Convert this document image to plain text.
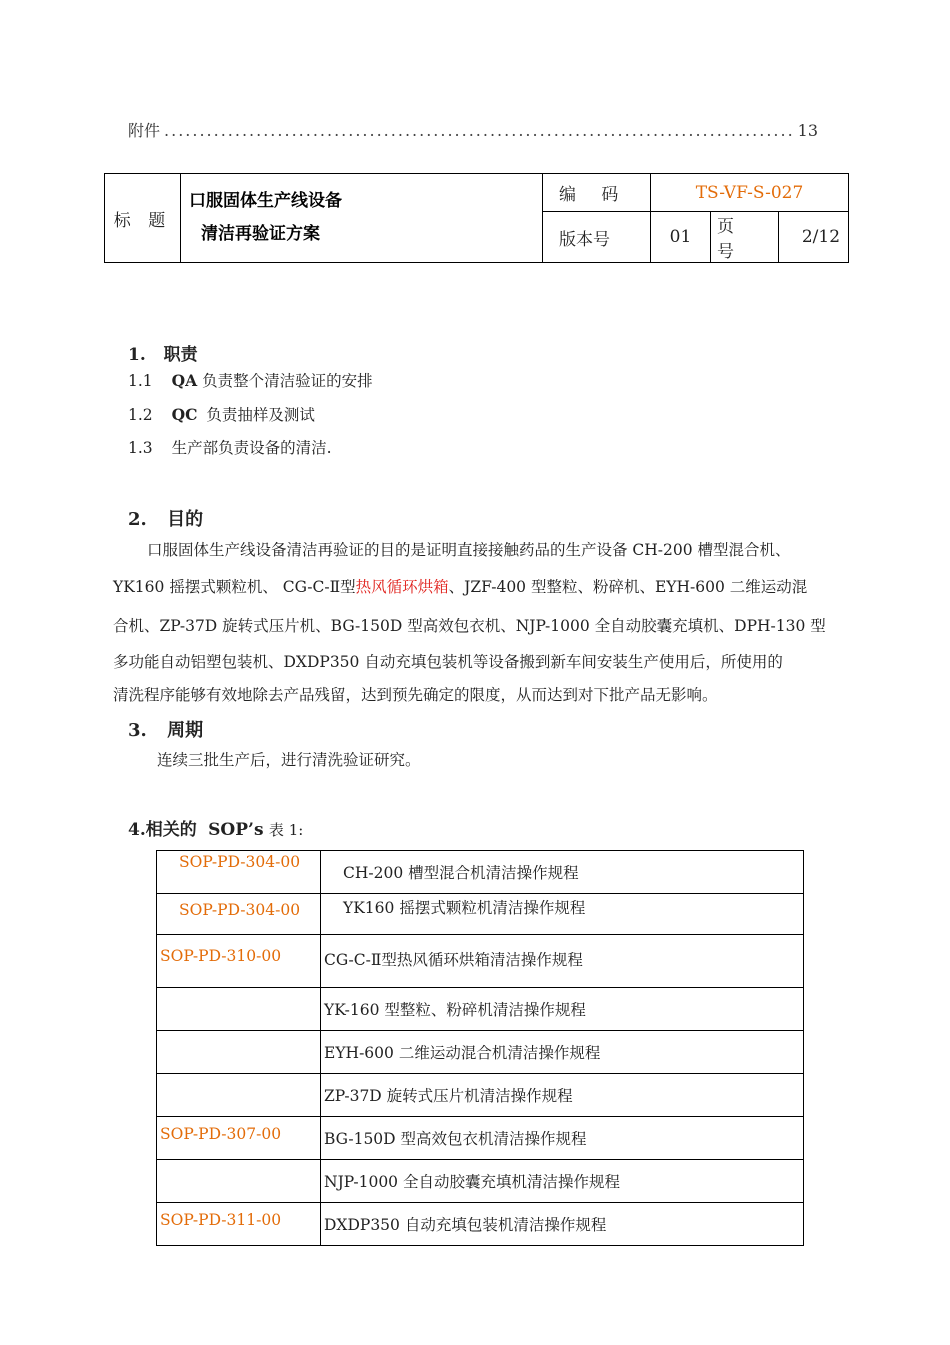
附件 .....	13
标 题	口服固体生产线设备
清洁再验证方案	编 码	TS-VF-S-027		
		版本号	01	页 号	2/12
1. 职责
1.1 QA 负责整个清洁验证的安排
1.2 QC 负责抽样及测试
1.3 生产部负责设备的清洁.
2. 目的
口服固体生产线设备清洁再验证的目的是证明直接接触药品的生产设备 CH-200 槽型混合机、
YK160 摇摆式颗粒机、 CG-C-Ⅱ型热风循环烘箱、JZF-400 型整粒、粉碎机、EYH-600 二维运动混
合机、ZP-37D 旋转式压片机、BG-150D 型高效包衣机、NJP-1000 全自动胶囊充填机、DPH-130 型
多功能自动铝塑包装机、DXDP350 自动充填包装机等设备搬到新车间安装生产使用后，所使用的
清洗程序能够有效地除去产品残留，达到预先确定的限度，从而达到对下批产品无影响。
3. 周期
连续三批生产后，进行清洗验证研究。
4.相关的 SOP’s 表 1:
SOP-PD-304-00	CH-200 槽型混合机清洁操作规程
SOP-PD-304-00	YK160 摇摆式颗粒机清洁操作规程
SOP-PD-310-00	CG-C-Ⅱ型热风循环烘箱清洁操作规程
	YK-160 型整粒、粉碎机清洁操作规程
	EYH-600 二维运动混合机清洁操作规程
	ZP-37D 旋转式压片机清洁操作规程
SOP-PD-307-00	BG-150D 型高效包衣机清洁操作规程
	NJP-1000 全自动胶囊充填机清洁操作规程
SOP-PD-311-00	DXDP350 自动充填包装机清洁操作规程
